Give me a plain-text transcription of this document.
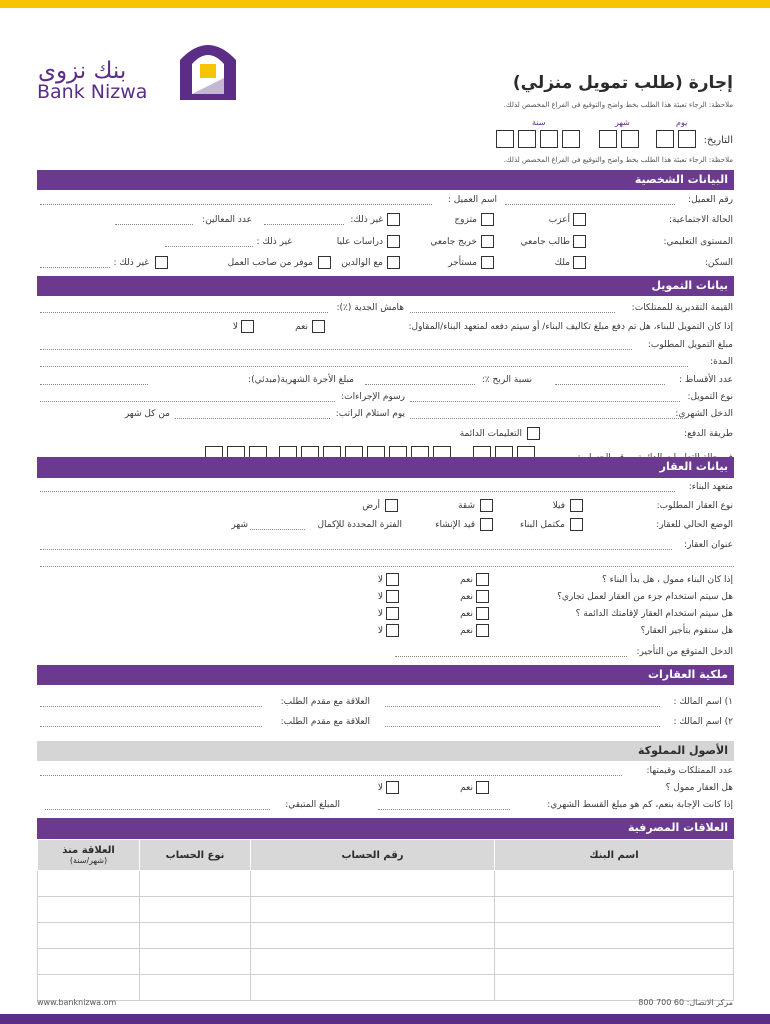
بنك نزوى
Bank Nizwa	إجارة (طلب تمويل منزلي)
ملاحظة: الرجاء تعبئة هذا الطلب بخط واضح والتوقيع في الفراغ المخصص لذلك.
يوم
شهر
سنة
التاريخ:
ملاحظة: الرجاء تعبئة هذا الطلب بخط واضح والتوقيع في الفراغ المخصص لذلك.
البيانات الشخصية
رقم العميل:
اسم العميل :
الحالة الاجتماعية:
أعزب
متزوج
غير ذلك:
عدد المعالين:
المستوى التعليمي:
طالب جامعي
خريج جامعي
دراسات عليا
غير ذلك :
السكن:
ملك
مستأجر
مع الوالدين
موفر من صاحب العمل
غير ذلك :
بيانات التمويل
القيمة التقديرية للممتلكات:
هامش الجدية (٪):
إذا كان التمويل للبناء، هل تم دفع مبلغ تكاليف البناء/ أو سيتم دفعه لمتعهد البناء/المقاول:
نعم
لا
مبلغ التمويل المطلوب:
المدة:
عدد الأقساط :
نسبة الربح ٪:
مبلغ الأجرة الشهرية(مبدئي):
نوع التمويل:
رسوم الإجراءات:
الدخل الشهري:
يوم استلام الراتب:
من كل شهر
طريقة الدفع:
التعليمات الدائمة
بيانات العقار
متعهد البناء:
نوع العقار المطلوب:
فيلا
شقة
أرض
الوضع الحالي للعقار:
مكتمل البناء
قيد الإنشاء
الفترة المحددة للإكمال
شهر
عنوان العقار:
إذا كان البناء ممول ، هل بدأ البناء ؟
نعم
لا
هل سيتم استخدام جزء من العقار لعمل تجاري؟
نعم
لا
هل سيتم استخدام العقار لإقامتك الدائمة ؟
نعم
لا
هل ستقوم بتأجير العقار؟
نعم
لا
الدخل المتوقع من التأجير:
ملكية العقارات
١) اسم المالك :
العلاقة مع مقدم الطلب:
٢) اسم المالك :
العلاقة مع مقدم الطلب:
الأصول المملوكة
عدد الممتلكات وقيمتها:
هل العقار ممول ؟
نعم
لا
إذا كانت الإجابة بنعم، كم هو مبلغ القسط الشهري:
المبلغ المتبقي:
العلاقات المصرفية
اسم البنك	رقم الحساب	نوع الحساب	العلاقة منذ
(شهر/سنة)

www.banknizwa.om	مركز الاتصال: 60 700 800
